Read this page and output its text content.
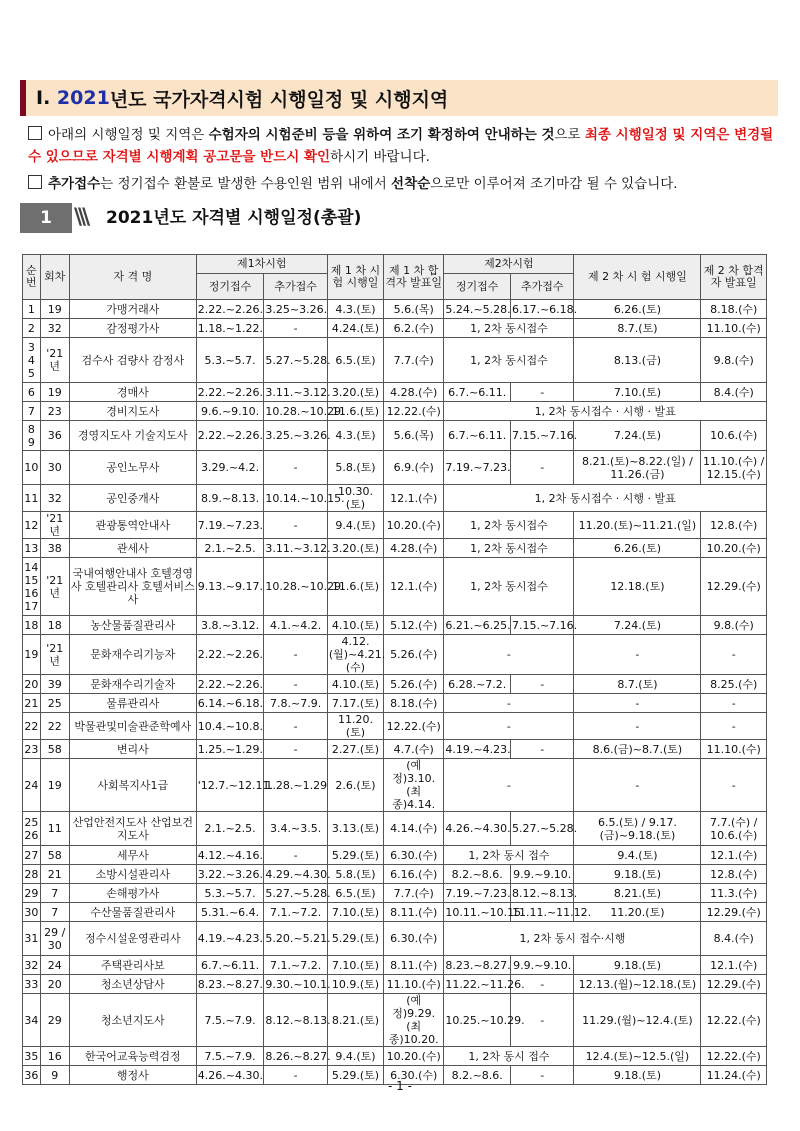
Ⅰ.
2021 년도 국가자격시험 시행일정 및 시행지역
아래의 시행일정 및 지역은 수험자의 시험준비 등을 위하여 조기 확정하여 안내하는 것으로 최종 시행일정 및 지역은 변경될 수 있으므로 자격별 시행계획 공고문을 반드시 확인하시기 바랍니다.
추가접수는 정기접수 환불로 발생한 수용인원 범위 내에서 선착순으로만 이루어져 조기마감 될 수 있습니다.
1	\\\	2021년도 자격별 시행일정(총괄)
순번	회차	자 격 명	제1차시험		제 1 차 시 험 시행일	제 1 차 합격자 발표일	제2차시험		제 2 차 시 험 시행일	제 2 차 합격자 발표일
			정기접수	추가접수			정기접수	추가접수		
1	19	가맹거래사	2.22.~2.26.	3.25~3.26.	4.3.(토)	5.6.(목)	5.24.~5.28.	6.17.~6.18.	6.26.(토)	8.18.(수)
2	32	감정평가사	1.18.~1.22.	-	4.24.(토)	6.2.(수)	1, 2차 동시접수		8.7.(토)	11.10.(수)
3 4 5	'21년	검수사 검량사 감정사	5.3.~5.7.	5.27.~5.28.	6.5.(토)	7.7.(수)	1, 2차 동시접수		8.13.(금)	9.8.(수)
6	19	경매사	2.22.~2.26.	3.11.~3.12.	3.20.(토)	4.28.(수)	6.7.~6.11.	-	7.10.(토)	8.4.(수)
7	23	경비지도사	9.6.~9.10.	10.28.~10.29.	11.6.(토)	12.22.(수)	1, 2차 동시접수 · 시행 · 발표			
8 9	36	경영지도사 기술지도사	2.22.~2.26.	3.25.~3.26.	4.3.(토)	5.6.(목)	6.7.~6.11.	7.15.~7.16.	7.24.(토)	10.6.(수)
10	30	공인노무사	3.29.~4.2.	-	5.8.(토)	6.9.(수)	7.19.~7.23.	-	8.21.(토)~8.22.(일) / 11.26.(금)	11.10.(수) / 12.15.(수)
11	32	공인중개사	8.9.~8.13.	10.14.~10.15.	10.30.(토)	12.1.(수)	1, 2차 동시접수 · 시행 · 발표			
12	'21년	관광통역안내사	7.19.~7.23.	-	9.4.(토)	10.20.(수)	1, 2차 동시접수		11.20.(토)~11.21.(일)	12.8.(수)
13	38	관세사	2.1.~2.5.	3.11.~3.12.	3.20.(토)	4.28.(수)	1, 2차 동시접수		6.26.(토)	10.20.(수)
14 15 16 17	'21년	국내여행안내사 호텔경영사 호텔관리사 호텔서비스사	9.13.~9.17.	10.28.~10.29.	11.6.(토)	12.1.(수)	1, 2차 동시접수		12.18.(토)	12.29.(수)
18	18	농산물품질관리사	3.8.~3.12.	4.1.~4.2.	4.10.(토)	5.12.(수)	6.21.~6.25.	7.15.~7.16.	7.24.(토)	9.8.(수)
19	'21년	문화재수리기능자	2.22.~2.26.	-	4.12.(월)~4.21.(수)	5.26.(수)	-		-	-
20	39	문화재수리기술자	2.22.~2.26.	-	4.10.(토)	5.26.(수)	6.28.~7.2.	-	8.7.(토)	8.25.(수)
21	25	물류관리사	6.14.~6.18.	7.8.~7.9.	7.17.(토)	8.18.(수)	-		-	-
22	22	박물관및미술관준학예사	10.4.~10.8.	-	11.20.(토)	12.22.(수)	-		-	-
23	58	변리사	1.25.~1.29.	-	2.27.(토)	4.7.(수)	4.19.~4.23.	-	8.6.(금)~8.7.(토)	11.10.(수)
24	19	사회복지사1급	'12.7.~12.11.	1.28.~1.29	2.6.(토)	(예정)3.10. (최종)4.14.	-		-	-
25 26	11	산업안전지도사 산업보건지도사	2.1.~2.5.	3.4.~3.5.	3.13.(토)	4.14.(수)	4.26.~4.30.	5.27.~5.28.	6.5.(토) / 9.17.(금)~9.18.(토)	7.7.(수) / 10.6.(수)
27	58	세무사	4.12.~4.16.	-	5.29.(토)	6.30.(수)	1, 2차 동시 접수		9.4.(토)	12.1.(수)
28	21	소방시설관리사	3.22.~3.26.	4.29.~4.30.	5.8.(토)	6.16.(수)	8.2.~8.6.	9.9.~9.10.	9.18.(토)	12.8.(수)
29	7	손해평가사	5.3.~5.7.	5.27.~5.28.	6.5.(토)	7.7.(수)	7.19.~7.23.	8.12.~8.13.	8.21.(토)	11.3.(수)
30	7	수산물품질관리사	5.31.~6.4.	7.1.~7.2.	7.10.(토)	8.11.(수)	10.11.~10.15.	11.11.~11.12.	11.20.(토)	12.29.(수)
31	29 / 30	정수시설운영관리사	4.19.~4.23.	5.20.~5.21.	5.29.(토)	6.30.(수)	1, 2차 동시 접수·시행			8.4.(수)
32	24	주택관리사보	6.7.~6.11.	7.1.~7.2.	7.10.(토)	8.11.(수)	8.23.~8.27.	9.9.~9.10.	9.18.(토)	12.1.(수)
33	20	청소년상담사	8.23.~8.27.	9.30.~10.1.	10.9.(토)	11.10.(수)	11.22.~11.26.	-	12.13.(월)~12.18.(토)	12.29.(수)
34	29	청소년지도사	7.5.~7.9.	8.12.~8.13.	8.21.(토)	(예정)9.29. (최종)10.20.	10.25.~10.29.	-	11.29.(월)~12.4.(토)	12.22.(수)
35	16	한국어교육능력검정	7.5.~7.9.	8.26.~8.27.	9.4.(토)	10.20.(수)	1, 2차 동시 접수		12.4.(토)~12.5.(일)	12.22.(수)
36	9	행정사	4.26.~4.30.	-	5.29.(토)	6.30.(수)	8.2.~8.6.	-	9.18.(토)	11.24.(수)
- 1 -
